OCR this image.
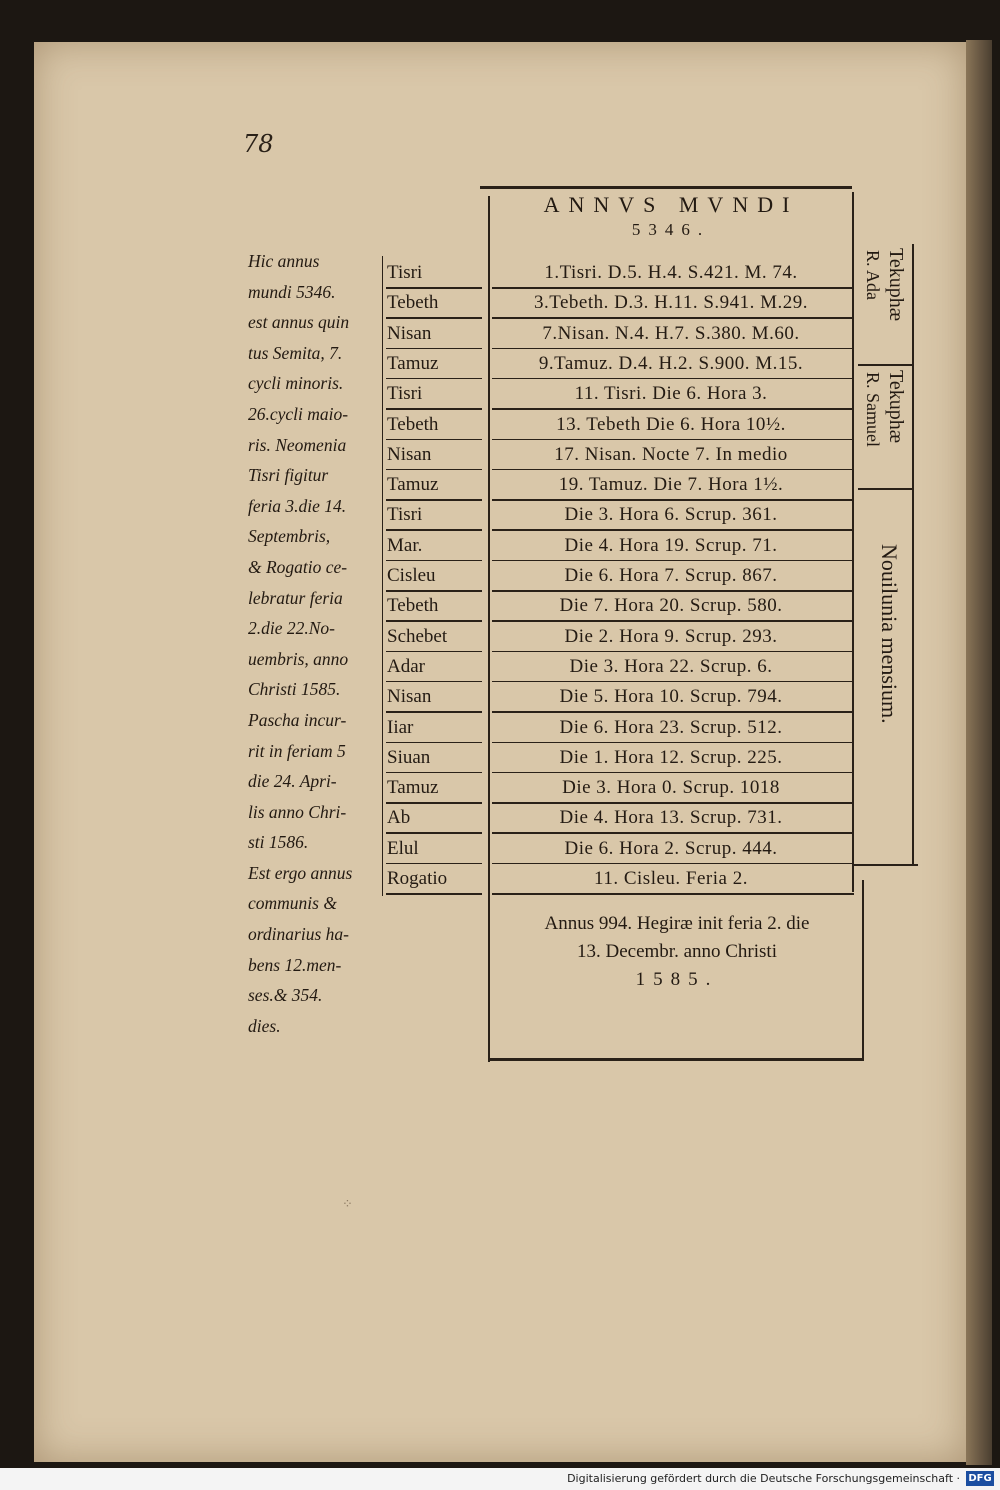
78
Hic annus
mundi 5346.
est annus quin
tus Semita, 7.
cycli minoris.
26.cycli maio-
ris. Neomenia
Tisri figitur
feria 3.die 14.
Septembris,
& Rogatio ce-
lebratur feria
2.die 22.No-
uembris, anno
Christi 1585.
Pascha incur-
rit in feriam 5
die 24. Apri-
lis anno Chri-
sti 1586.
Est ergo annus
communis &
ordinarius ha-
bens 12.men-
ses.& 354.
dies.
ANNVS MVNDI
5346.
Tisri	1.Tisri. D.5. H.4. S.421. M. 74.
Tebeth	3.Tebeth. D.3. H.11. S.941. M.29.
Nisan	7.Nisan. N.4. H.7. S.380. M.60.
Tamuz	9.Tamuz. D.4. H.2. S.900. M.15.
Tisri	11. Tisri. Die 6. Hora 3.
Tebeth	13. Tebeth Die 6. Hora 10½.
Nisan	17. Nisan. Nocte 7. In medio
Tamuz	19. Tamuz. Die 7. Hora 1½.
Tisri	Die 3. Hora 6. Scrup. 361.
Mar.	Die 4. Hora 19. Scrup. 71.
Cisleu	Die 6. Hora 7. Scrup. 867.
Tebeth	Die 7. Hora 20. Scrup. 580.
Schebet	Die 2. Hora 9. Scrup. 293.
Adar	Die 3. Hora 22. Scrup. 6.
Nisan	Die 5. Hora 10. Scrup. 794.
Iiar	Die 6. Hora 23. Scrup. 512.
Siuan	Die 1. Hora 12. Scrup. 225.
Tamuz	Die 3. Hora 0. Scrup. 1018
Ab	Die 4. Hora 13. Scrup. 731.
Elul	Die 6. Hora 2. Scrup. 444.
Rogatio	11. Cisleu. Feria 2.
Tekuphæ
R. Ada
Tekuphæ
R. Samuel
Nouilunia mensium.
Annus 994. Hegiræ init feria 2. die
13. Decembr. anno Christi
1585.
⁘
Digitalisierung gefördert durch die Deutsche Forschungsgemeinschaft · DFG
